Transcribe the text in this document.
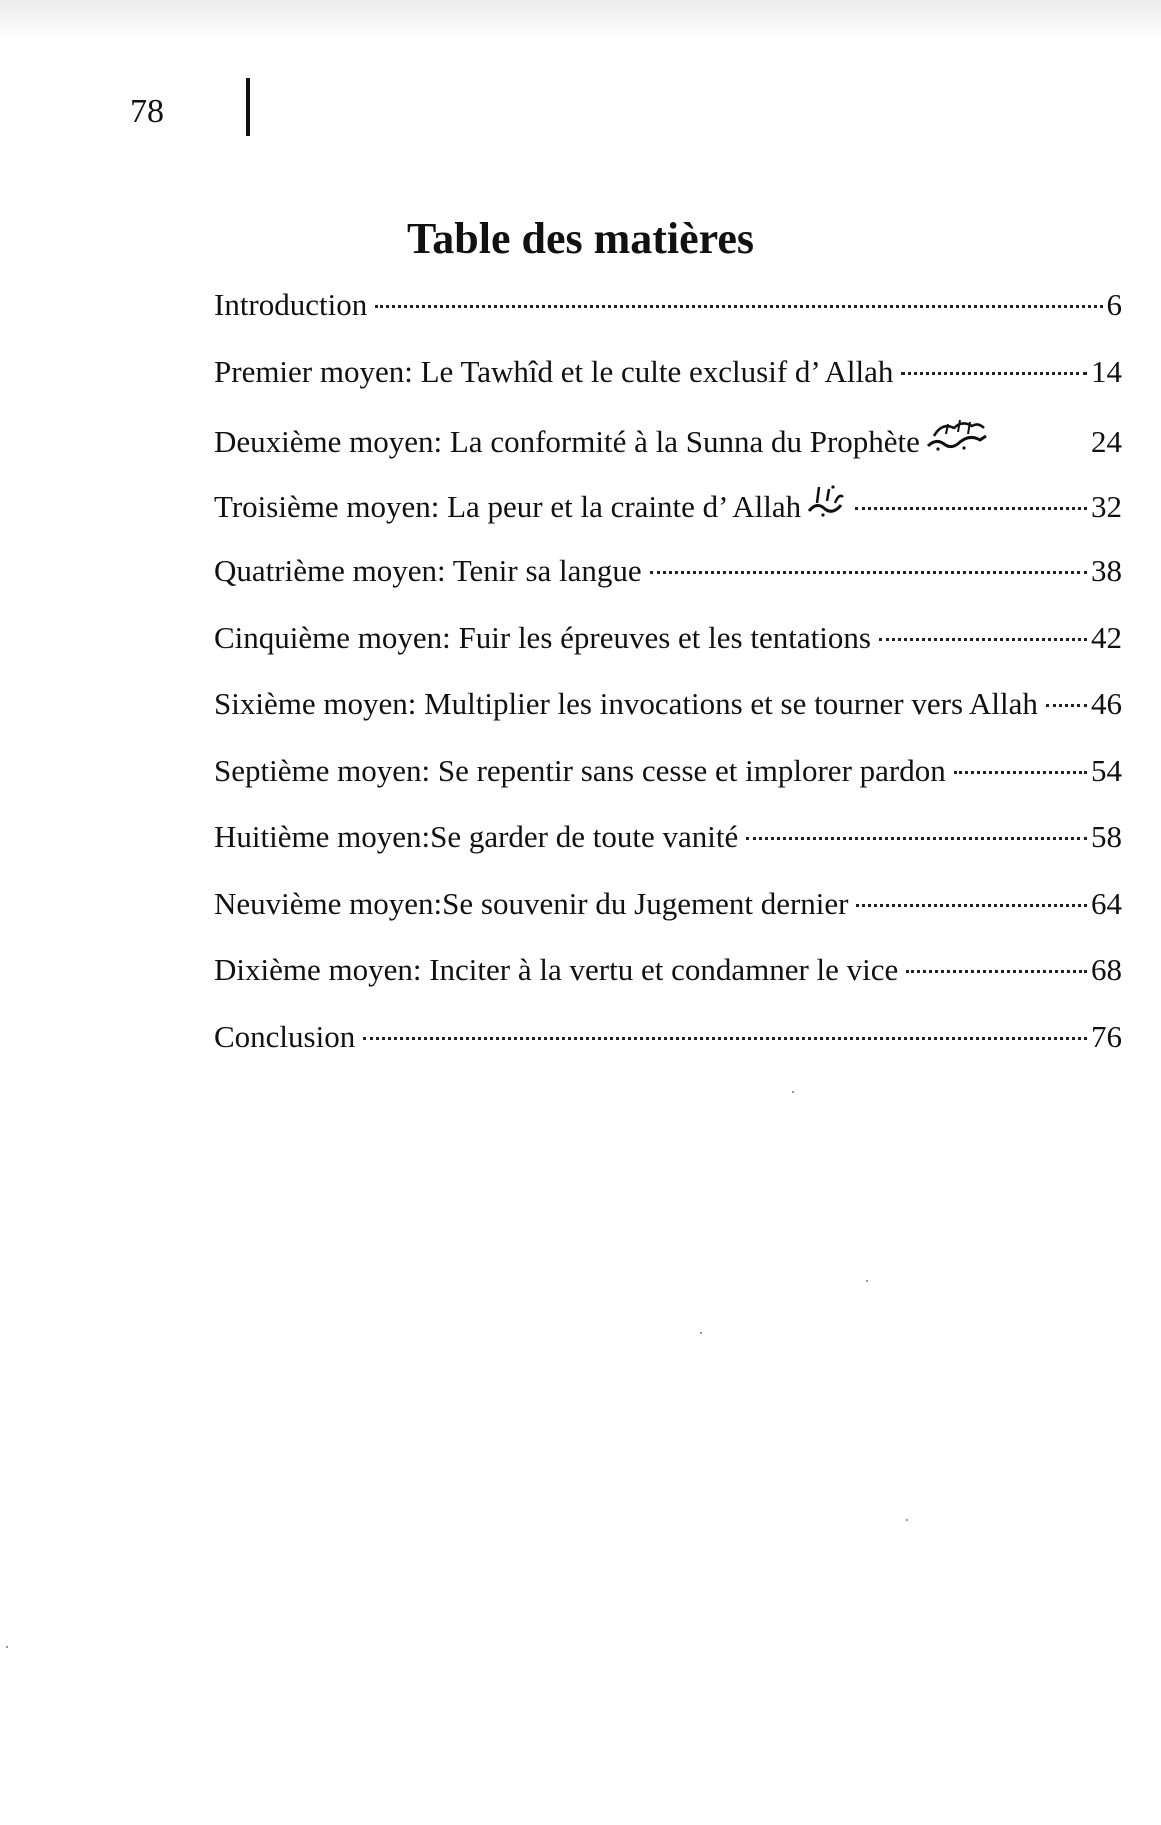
78
Table des matières
Introduction	6
Premier moyen: Le Tawhîd et le culte exclusif d’ Allah	14
Deuxième moyen: La conformité à la Sunna du Prophète	24
Troisième moyen: La peur et la crainte d’ Allah	32
Quatrième moyen: Tenir sa langue	38
Cinquième moyen: Fuir les épreuves et les tentations	42
Sixième moyen: Multiplier les invocations et se tourner vers Allah 46
Septième moyen: Se repentir sans cesse et implorer pardon	54
Huitième moyen:Se garder de toute vanité	58
Neuvième moyen:Se souvenir du Jugement dernier	64
Dixième moyen: Inciter à la vertu et condamner le vice	68
Conclusion	76
